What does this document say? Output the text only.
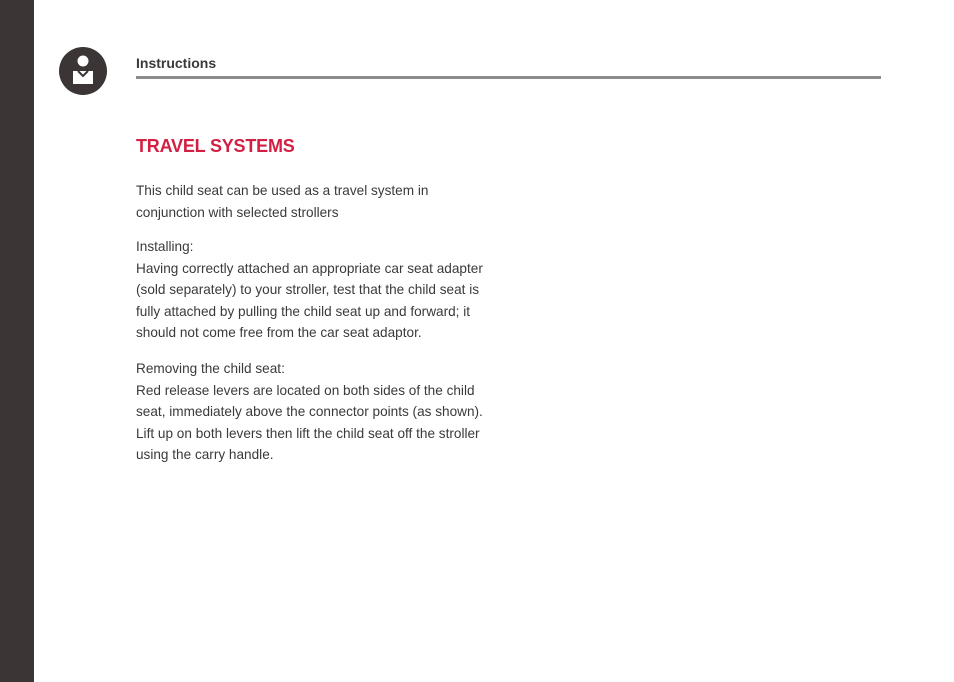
Instructions
TRAVEL SYSTEMS

This child seat can be used as a travel system in

conjunction with selected strollers

Installing:

Having correctly attached an appropriate car seat adapter

(sold separately) to your stroller, test that the child seat is

fully attached by pulling the child seat up and forward; it

should not come free from the car seat adaptor.

Removing the child seat:

Red release levers are located on both sides of the child

seat, immediately above the connector points (as shown).

Lift up on both levers then lift the child seat off the stroller

using the carry handle.
